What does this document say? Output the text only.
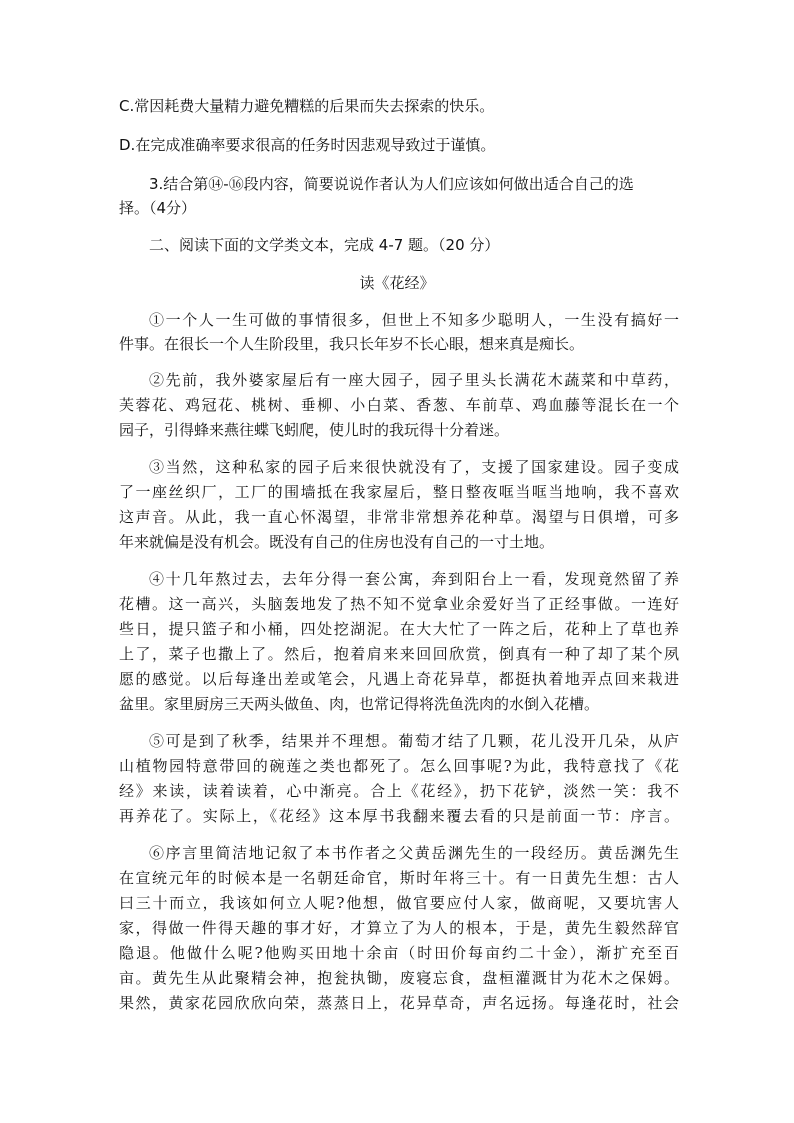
C.常因耗费大量精力避免糟糕的后果而失去探索的快乐。
D.在完成准确率要求很高的任务时因悲观导致过于谨慎。
3.结合第⑭-⑯段内容，简要说说作者认为人们应该如何做出适合自己的选
择。（4分）
二、阅读下面的文学类文本，完成 4-7 题。（20 分）
读《花经》
①一个人一生可做的事情很多，但世上不知多少聪明人，一生没有搞好一
件事。在很长一个人生阶段里，我只长年岁不长心眼，想来真是痴长。
②先前，我外婆家屋后有一座大园子，园子里头长满花木蔬菜和中草药，
芙蓉花、鸡冠花、桃树、垂柳、小白菜、香葱、车前草、鸡血藤等混长在一个
园子，引得蜂来燕往蝶飞蚓爬，使儿时的我玩得十分着迷。
③当然，这种私家的园子后来很快就没有了，支援了国家建设。园子变成
了一座丝织厂，工厂的围墙抵在我家屋后，整日整夜哐当哐当地响，我不喜欢
这声音。从此，我一直心怀渴望，非常非常想养花种草。渴望与日俱增，可多
年来就偏是没有机会。既没有自己的住房也没有自己的一寸土地。
④十几年熬过去，去年分得一套公寓，奔到阳台上一看，发现竟然留了养
花槽。这一高兴，头脑轰地发了热不知不觉拿业余爱好当了正经事做。一连好
些日，提只篮子和小桶，四处挖湖泥。在大大忙了一阵之后，花种上了草也养
上了，菜子也撒上了。然后，抱着肩来来回回欣赏，倒真有一种了却了某个夙
愿的感觉。以后每逢出差或笔会，凡遇上奇花异草，都挺执着地弄点回来栽进
盆里。家里厨房三天两头做鱼、肉，也常记得将洗鱼洗肉的水倒入花槽。
⑤可是到了秋季，结果并不理想。葡萄才结了几颗，花儿没开几朵，从庐
山植物园特意带回的碗莲之类也都死了。怎么回事呢?为此，我特意找了《花
经》来读，读着读着，心中渐亮。合上《花经》，扔下花铲，淡然一笑：我不
再养花了。实际上，《花经》这本厚书我翻来覆去看的只是前面一节：序言。
⑥序言里简洁地记叙了本书作者之父黄岳渊先生的一段经历。黄岳渊先生
在宣统元年的时候本是一名朝廷命官，斯时年将三十。有一日黄先生想：古人
曰三十而立，我该如何立人呢?他想，做官要应付人家，做商呢，又要坑害人
家，得做一件得天趣的事才好，才算立了为人的根本，于是，黄先生毅然辞官
隐退。他做什么呢?他购买田地十余亩（时田价每亩约二十金），渐扩充至百
亩。黄先生从此聚精会神，抱瓮执锄，废寝忘食，盘桓灌溉甘为花木之保姆。
果然，黄家花园欣欣向荣，蒸蒸日上，花异草奇，声名远扬。每逢花时，社会
